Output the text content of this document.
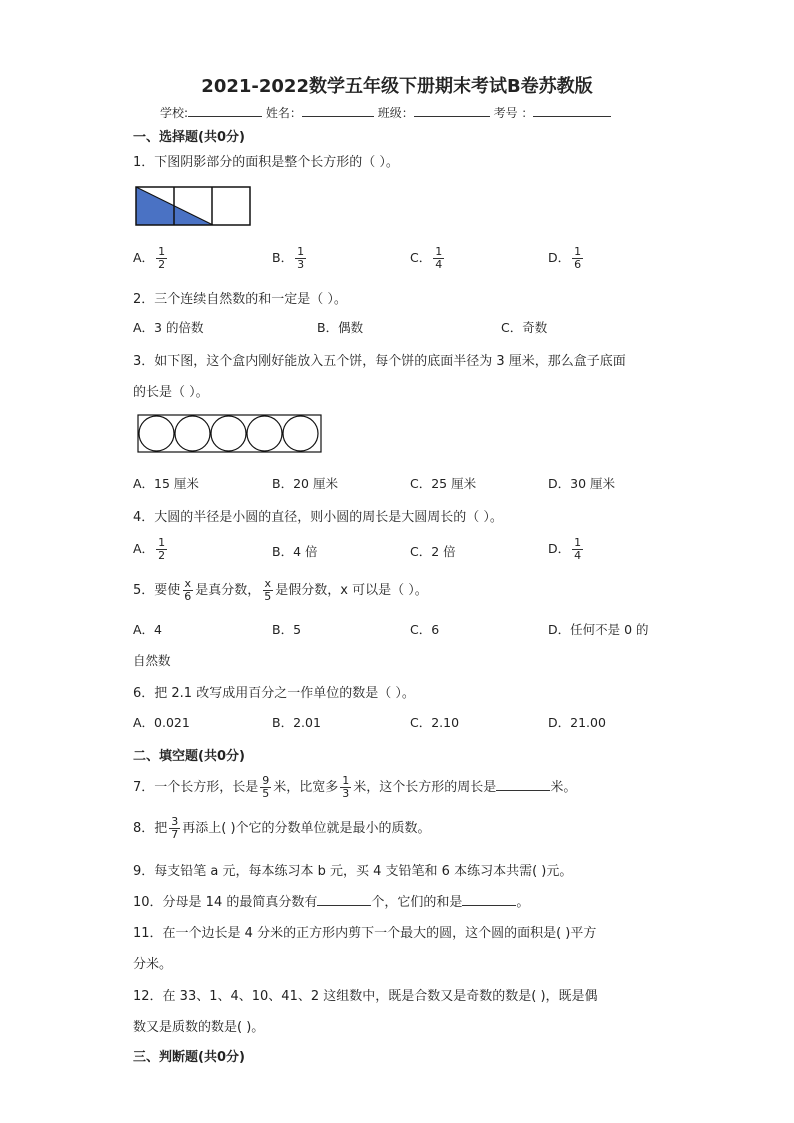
2021-2022数学五年级下册期末考试B卷苏教版
学校:	姓名：	班级：	考号 ：
一、选择题(共0分)
1．下图阴影部分的面积是整个长方形的（ ）。
A． $\frac{1}{2}$	B． $\frac{1}{3}$	C． $\frac{1}{4}$	D． $\frac{1}{6}$
2．三个连续自然数的和一定是（ ）。
A．3 的倍数	B．偶数	C．奇数
3．如下图，这个盒内刚好能放入五个饼，每个饼的底面半径为 3 厘米，那么盒子底面
的长是（ ）。
A．15 厘米	B．20 厘米	C．25 厘米	D．30 厘米
4．大圆的半径是小圆的直径，则小圆的周长是大圆周长的（ ）。
A． $\frac{1}{2}$	B．4 倍	C．2 倍	D． $\frac{1}{4}$
5．要使 $\frac{x}{6}$ 是真分数， $\frac{x}{5}$ 是假分数，x 可以是（ ）。
A．4	B．5	C．6	D．任何不是 0 的
自然数
6．把 2.1 改写成用百分之一作单位的数是（ ）。
A．0.021	B．2.01	C．2.10	D．21.00
二、填空题(共0分)
7．一个长方形，长是 $\frac{9}{5}$ 米，比宽多 $\frac{1}{3}$ 米，这个长方形的周长是	米。
8．把 $\frac{3}{7}$ 再添上( )个它的分数单位就是最小的质数。
9．每支铅笔 a 元，每本练习本 b 元，买 4 支铅笔和 6 本练习本共需( )元。
10．分母是 14 的最简真分数有	个，它们的和是	。
11．在一个边长是 4 分米的正方形内剪下一个最大的圆，这个圆的面积是( )平方
分米。
12．在 33、1、4、10、41、2 这组数中，既是合数又是奇数的数是( )，既是偶
数又是质数的数是( )。
三、判断题(共0分)
